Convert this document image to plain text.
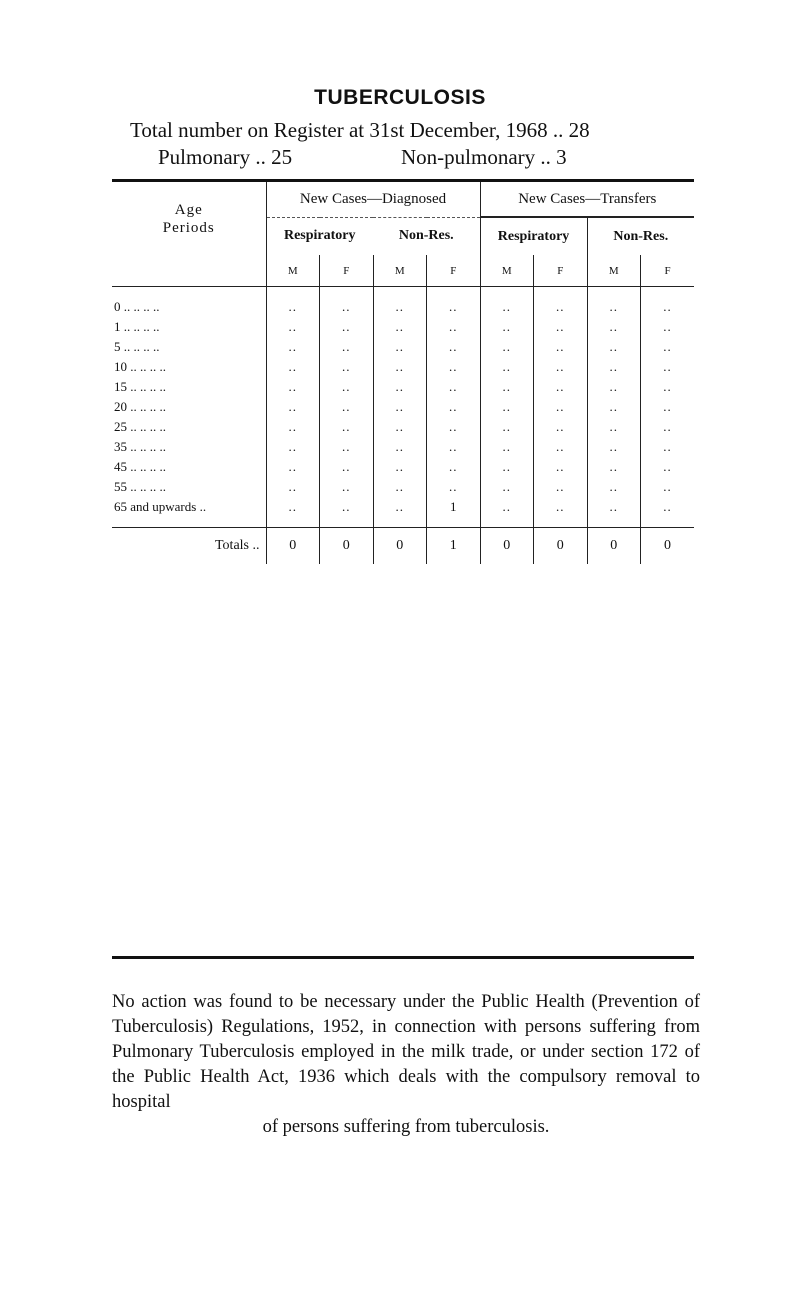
TUBERCULOSIS
Total number on Register at 31st December, 1968 .. 28
Pulmonary .. 25	Non-pulmonary .. 3
Age
Periods	New Cases—Diagnosed				New Cases—Transfers			
	Respiratory		Non-Res.		Respiratory		Non-Res.	
	M	F	M	F	M	F	M	F

0 .. .. .. ..	..	..	..	..	..	..	..	..
1 .. .. .. ..	..	..	..	..	..	..	..	..
5 .. .. .. ..	..	..	..	..	..	..	..	..
10 .. .. .. ..	..	..	..	..	..	..	..	..
15 .. .. .. ..	..	..	..	..	..	..	..	..
20 .. .. .. ..	..	..	..	..	..	..	..	..
25 .. .. .. ..	..	..	..	..	..	..	..	..
35 .. .. .. ..	..	..	..	..	..	..	..	..
45 .. .. .. ..	..	..	..	..	..	..	..	..
55 .. .. .. ..	..	..	..	..	..	..	..	..
65 and upwards ..	..	..	..	1	..	..	..	..

Totals ..	0	0	0	1	0	0	0	0
No action was found to be necessary under the Public Health (Prevention of Tuberculosis) Regulations, 1952, in connection with persons suffering from Pulmonary Tuberculosis employed in the milk trade, or under section 172 of the Public Health Act, 1936 which deals with the compulsory removal to hospital
of persons suffering from tuberculosis.
